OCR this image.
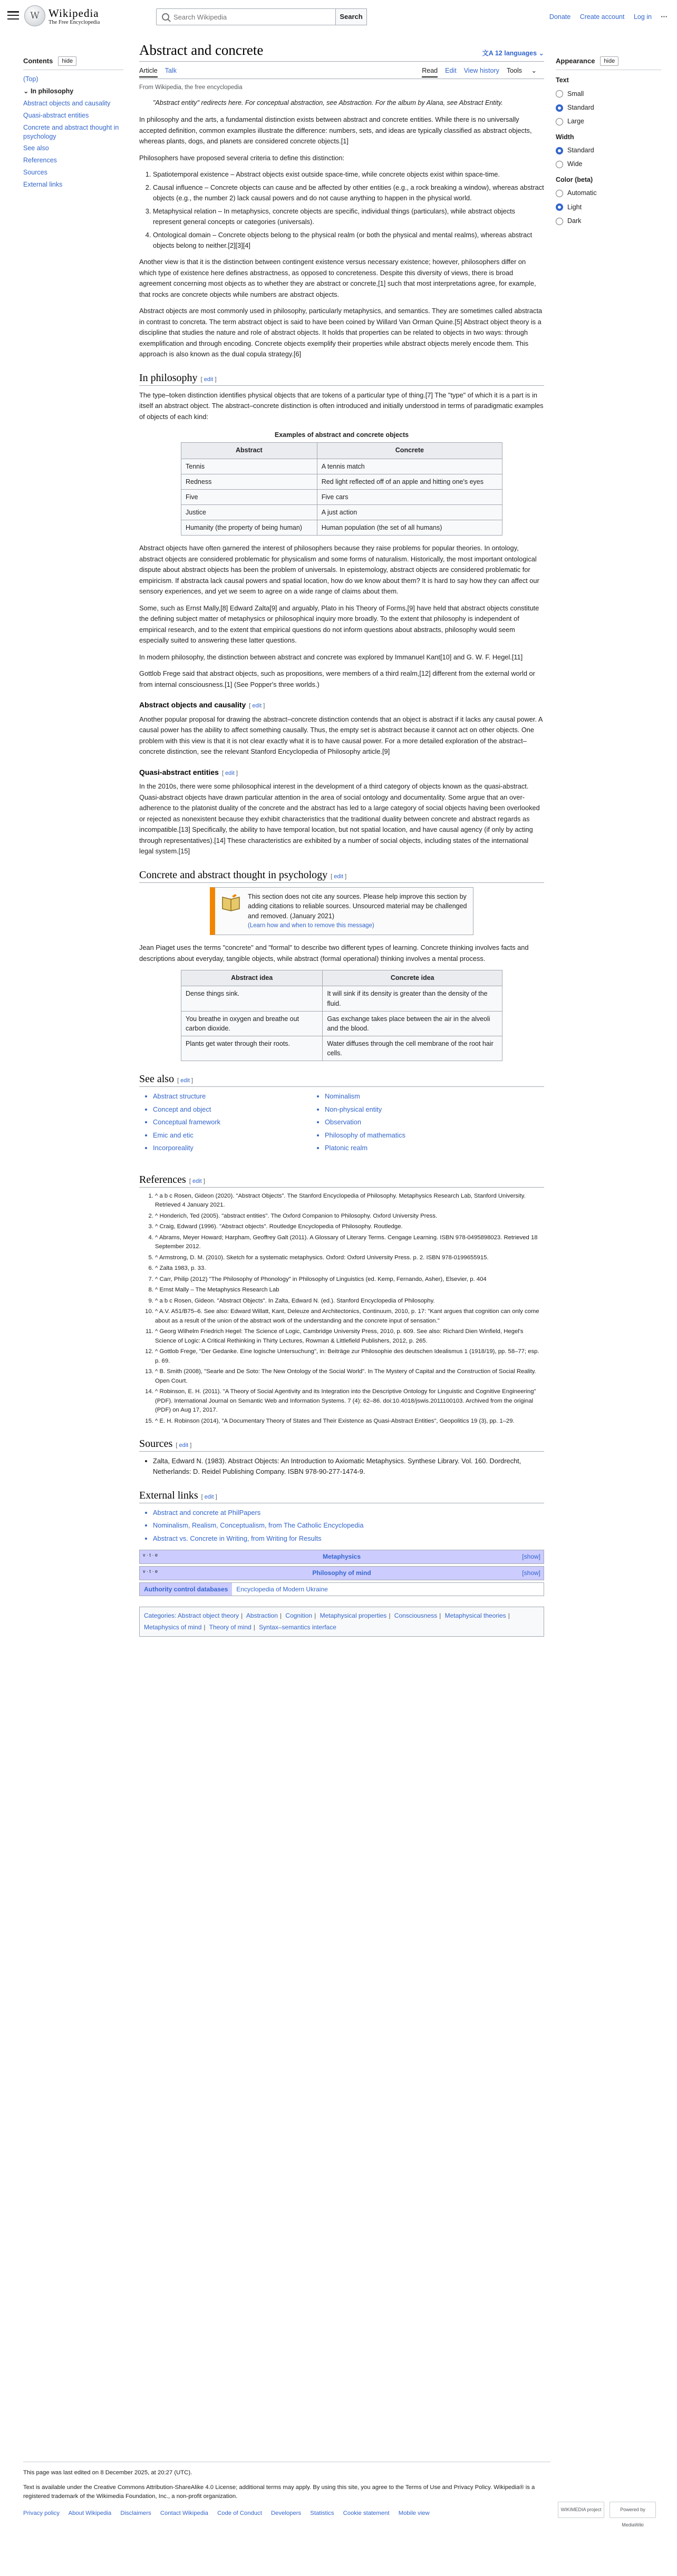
W Wikipedia
The Free Encyclopedia
Search Wikipedia
Search	Donate Create account Log in ···
Contents	hide
(Top)
⌄ In philosophy
Abstract objects and causality
Quasi-abstract entities
Concrete and abstract thought in psychology
See also
References
Sources
External links
Abstract and concrete	文A 12 languages ⌄
Article Talk	Read Edit View history Tools ⌄
From Wikipedia, the free encyclopedia
"Abstract entity" redirects here. For conceptual abstraction, see Abstraction. For the album by Alana, see Abstract Entity.

In philosophy and the arts, a fundamental distinction exists between abstract and concrete entities. While there is no universally accepted definition, common examples illustrate the difference: numbers, sets, and ideas are typically classified as abstract objects, whereas plants, dogs, and planets are considered concrete objects.[1]

Philosophers have proposed several criteria to define this distinction:

1. Spatiotemporal existence – Abstract objects exist outside space-time, while concrete objects exist within space-time.
2. Causal influence – Concrete objects can cause and be affected by other entities (e.g., a rock breaking a window), whereas abstract objects (e.g., the number 2) lack causal powers and do not cause anything to happen in the physical world.
3. Metaphysical relation – In metaphysics, concrete objects are specific, individual things (particulars), while abstract objects represent general concepts or categories (universals).
4. Ontological domain – Concrete objects belong to the physical realm (or both the physical and mental realms), whereas abstract objects belong to neither.[2][3][4]

Another view is that it is the distinction between contingent existence versus necessary existence; however, philosophers differ on which type of existence here defines abstractness, as opposed to concreteness. Despite this diversity of views, there is broad agreement concerning most objects as to whether they are abstract or concrete,[1] such that most interpretations agree, for example, that rocks are concrete objects while numbers are abstract objects.

Abstract objects are most commonly used in philosophy, particularly metaphysics, and semantics. They are sometimes called abstracta in contrast to concreta. The term abstract object is said to have been coined by Willard Van Orman Quine.[5] Abstract object theory is a discipline that studies the nature and role of abstract objects. It holds that properties can be related to objects in two ways: through exemplification and through encoding. Concrete objects exemplify their properties while abstract objects merely encode them. This approach is also known as the dual copula strategy.[6]

In philosophy [ edit ]

The type–token distinction identifies physical objects that are tokens of a particular type of thing.[7] The "type" of which it is a part is in itself an abstract object. The abstract–concrete distinction is often introduced and initially understood in terms of paradigmatic examples of objects of each kind:

Examples of abstract and concrete objects
Abstract	Concrete
Tennis	A tennis match
Redness	Red light reflected off of an apple and hitting one's eyes
Five	Five cars
Justice	A just action
Humanity (the property of being human)	Human population (the set of all humans)

Abstract objects have often garnered the interest of philosophers because they raise problems for popular theories. In ontology, abstract objects are considered problematic for physicalism and some forms of naturalism. Historically, the most important ontological dispute about abstract objects has been the problem of universals. In epistemology, abstract objects are considered problematic for empiricism. If abstracta lack causal powers and spatial location, how do we know about them? It is hard to say how they can affect our sensory experiences, and yet we seem to agree on a wide range of claims about them.

Some, such as Ernst Mally,[8] Edward Zalta[9] and arguably, Plato in his Theory of Forms,[9] have held that abstract objects constitute the defining subject matter of metaphysics or philosophical inquiry more broadly. To the extent that philosophy is independent of empirical research, and to the extent that empirical questions do not inform questions about abstracts, philosophy would seem especially suited to answering these latter questions.

In modern philosophy, the distinction between abstract and concrete was explored by Immanuel Kant[10] and G. W. F. Hegel.[11]

Gottlob Frege said that abstract objects, such as propositions, were members of a third realm,[12] different from the external world or from internal consciousness.[1] (See Popper's three worlds.)

Abstract objects and causality [ edit ]

Another popular proposal for drawing the abstract–concrete distinction contends that an object is abstract if it lacks any causal power. A causal power has the ability to affect something causally. Thus, the empty set is abstract because it cannot act on other objects. One problem with this view is that it is not clear exactly what it is to have causal power. For a more detailed exploration of the abstract–concrete distinction, see the relevant Stanford Encyclopedia of Philosophy article.[9]

Quasi-abstract entities [ edit ]

In the 2010s, there were some philosophical interest in the development of a third category of objects known as the quasi-abstract. Quasi-abstract objects have drawn particular attention in the area of social ontology and documentality. Some argue that an over-adherence to the platonist duality of the concrete and the abstract has led to a large category of social objects having been overlooked or rejected as nonexistent because they exhibit characteristics that the traditional duality between concrete and abstract regards as incompatible.[13] Specifically, the ability to have temporal location, but not spatial location, and have causal agency (if only by acting through representatives).[14] These characteristics are exhibited by a number of social objects, including states of the international legal system.[15]

Concrete and abstract thought in psychology [ edit ]
This section does not cite any sources. Please help improve this section by adding citations to reliable sources. Unsourced material may be challenged and removed. (January 2021)
(Learn how and when to remove this message)

Jean Piaget uses the terms "concrete" and "formal" to describe two different types of learning. Concrete thinking involves facts and descriptions about everyday, tangible objects, while abstract (formal operational) thinking involves a mental process.

Abstract idea	Concrete idea
Dense things sink.	It will sink if its density is greater than the density of the fluid.
You breathe in oxygen and breathe out carbon dioxide.	Gas exchange takes place between the air in the alveoli and the blood.
Plants get water through their roots.	Water diffuses through the cell membrane of the root hair cells.
See also [ edit ]
• Abstract structure
• Concept and object
• Conceptual framework
• Emic and etic
• Incorporeality
• Nominalism
• Non-physical entity
• Observation
• Philosophy of mathematics
• Platonic realm
References [ edit ]
1. ^ a b c Rosen, Gideon (2020). "Abstract Objects". The Stanford Encyclopedia of Philosophy. Metaphysics Research Lab, Stanford University. Retrieved 4 January 2021.
2. ^ Honderich, Ted (2005). "abstract entities". The Oxford Companion to Philosophy. Oxford University Press.
3. ^ Craig, Edward (1996). "Abstract objects". Routledge Encyclopedia of Philosophy. Routledge.
4. ^ Abrams, Meyer Howard; Harpham, Geoffrey Galt (2011). A Glossary of Literary Terms. Cengage Learning. ISBN 978-0495898023. Retrieved 18 September 2012.
5. ^ Armstrong, D. M. (2010). Sketch for a systematic metaphysics. Oxford: Oxford University Press. p. 2. ISBN 978-0199655915.
6. ^ Zalta 1983, p. 33.
7. ^ Carr, Philip (2012) "The Philosophy of Phonology" in Philosophy of Linguistics (ed. Kemp, Fernando, Asher), Elsevier, p. 404
8. ^ Ernst Mally – The Metaphysics Research Lab
9. ^ a b c Rosen, Gideon. "Abstract Objects". In Zalta, Edward N. (ed.). Stanford Encyclopedia of Philosophy.
10. ^ A.V. A51/B75–6. See also: Edward Willatt, Kant, Deleuze and Architectonics, Continuum, 2010, p. 17: "Kant argues that cognition can only come about as a result of the union of the abstract work of the understanding and the concrete input of sensation."
11. ^ Georg Wilhelm Friedrich Hegel: The Science of Logic, Cambridge University Press, 2010, p. 609. See also: Richard Dien Winfield, Hegel's Science of Logic: A Critical Rethinking in Thirty Lectures, Rowman & Littlefield Publishers, 2012, p. 265.
12. ^ Gottlob Frege, "Der Gedanke. Eine logische Untersuchung", in: Beiträge zur Philosophie des deutschen Idealismus 1 (1918/19), pp. 58–77; esp. p. 69.
13. ^ B. Smith (2008), "Searle and De Soto: The New Ontology of the Social World". In The Mystery of Capital and the Construction of Social Reality. Open Court.
14. ^ Robinson, E. H. (2011). "A Theory of Social Agentivity and its Integration into the Descriptive Ontology for Linguistic and Cognitive Engineering" (PDF). International Journal on Semantic Web and Information Systems. 7 (4): 62–86. doi:10.4018/jswis.2011100103. Archived from the original (PDF) on Aug 17, 2017.
15. ^ E. H. Robinson (2014), "A Documentary Theory of States and Their Existence as Quasi-Abstract Entities", Geopolitics 19 (3), pp. 1–29.
Sources [ edit ]
• Zalta, Edward N. (1983). Abstract Objects: An Introduction to Axiomatic Metaphysics. Synthese Library. Vol. 160. Dordrecht, Netherlands: D. Reidel Publishing Company. ISBN 978-90-277-1474-9.
External links [ edit ]
• Abstract and concrete at PhilPapers
• Nominalism, Realism, Conceptualism, from The Catholic Encyclopedia
• Abstract vs. Concrete in Writing, from Writing for Results
v · t · e	Metaphysics	[show]
v · t · e	Philosophy of mind	[show]
Authority control databases	Encyclopedia of Modern Ukraine
Categories: Abstract object theory | Abstraction | Cognition | Metaphysical properties | Consciousness | Metaphysical theories | Metaphysics of mind | Theory of mind | Syntax–semantics interface
Appearance	hide
Text
Small
Standard
Large
Width
Standard
Wide
Color (beta)
Automatic
Light
Dark
This page was last edited on 8 December 2025, at 20:27 (UTC).
Text is available under the Creative Commons Attribution-ShareAlike 4.0 License; additional terms may apply. By using this site, you agree to the Terms of Use and Privacy Policy. Wikipedia® is a registered trademark of the Wikimedia Foundation, Inc., a non-profit organization.
Privacy policy About Wikipedia Disclaimers Contact Wikipedia Code of Conduct Developers Statistics Cookie statement Mobile view
WIKIMEDIA project	Powered by MediaWiki
